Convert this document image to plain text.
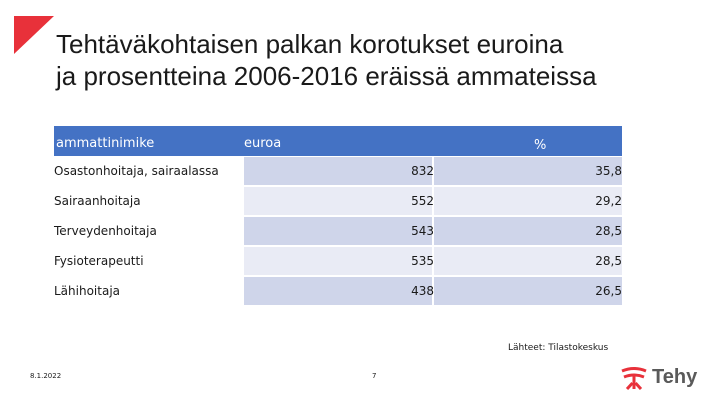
Tehtäväkohtaisen palkan korotukset euroina
ja prosentteina 2006-2016 eräissä ammateissa
ammattinimike	euroa	%
Osastonhoitaja, sairaalassa	832	35,8
Sairaanhoitaja	552	29,2
Terveydenhoitaja	543	28,5
Fysioterapeutti	535	28,5
Lähihoitaja	438	26,5
Lähteet: Tilastokeskus
8.1.2022	7	Tehy
